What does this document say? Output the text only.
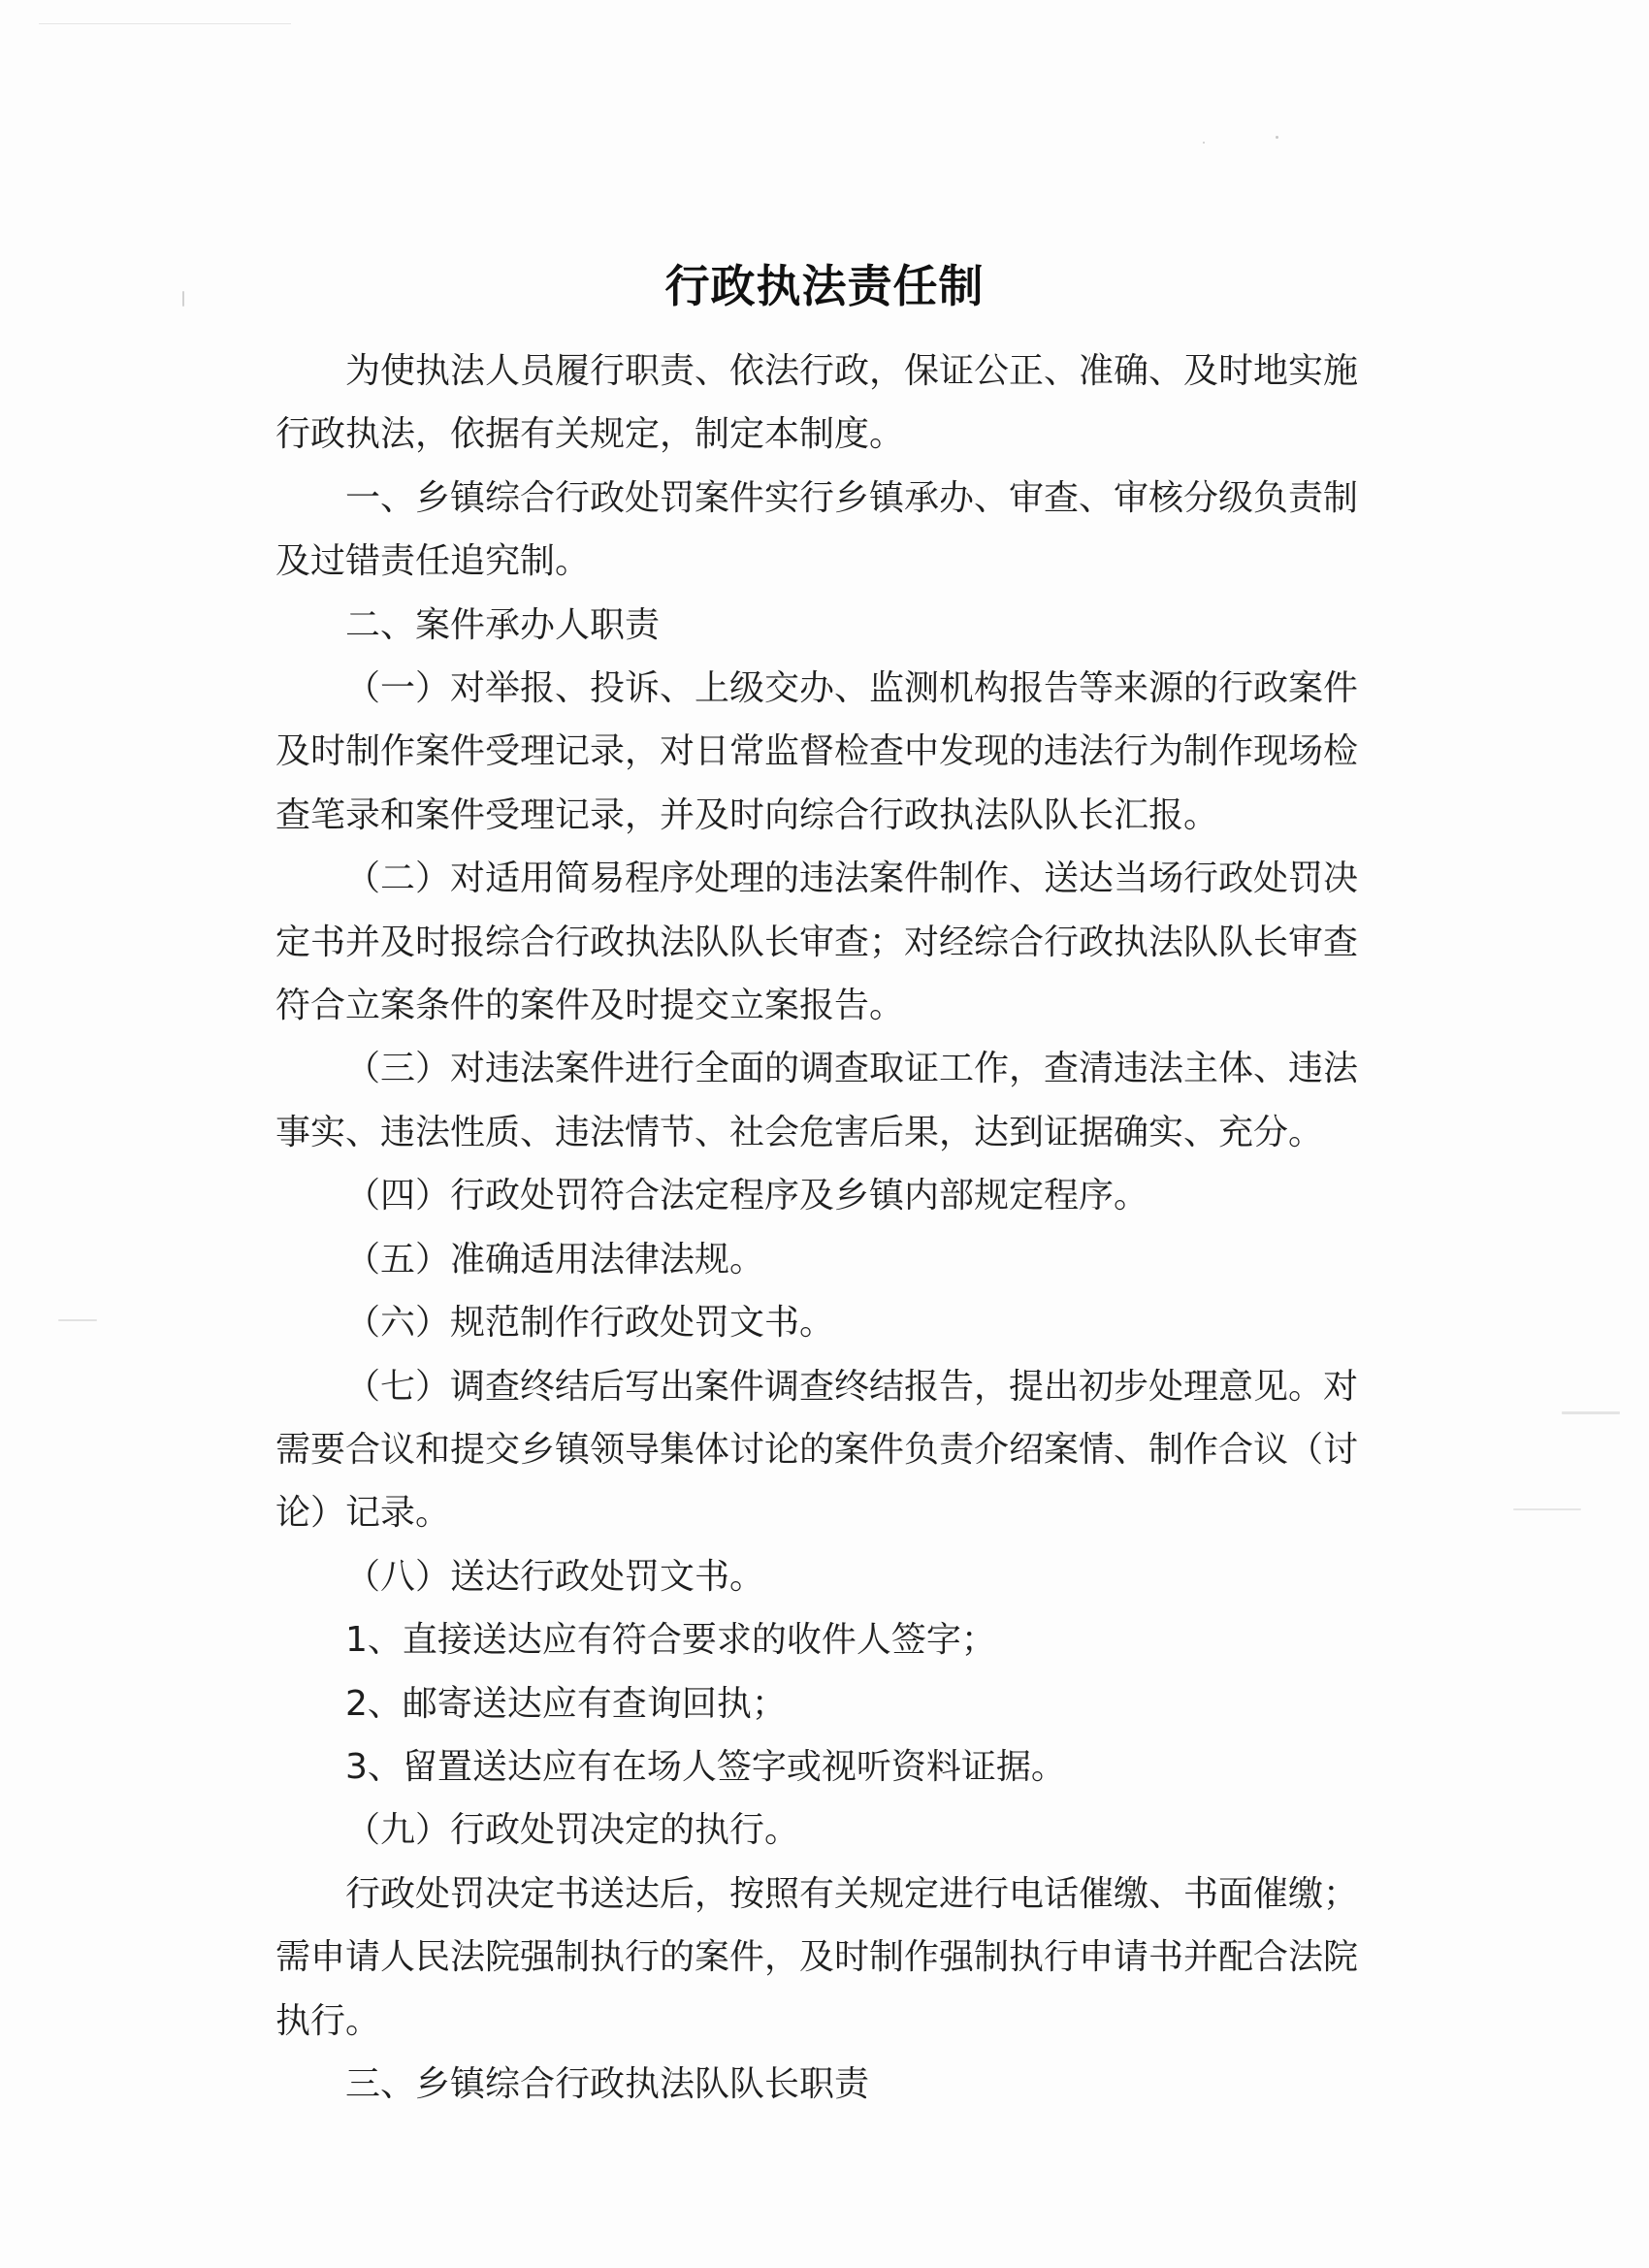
行政执法责任制

为使执法人员履行职责、依法行政，保证公正、准确、及时地实施行政执法，依据有关规定，制定本制度。

一、乡镇综合行政处罚案件实行乡镇承办、审查、审核分级负责制及过错责任追究制。

二、案件承办人职责

（一）对举报、投诉、上级交办、监测机构报告等来源的行政案件及时制作案件受理记录，对日常监督检查中发现的违法行为制作现场检查笔录和案件受理记录，并及时向综合行政执法队队长汇报。

（二）对适用简易程序处理的违法案件制作、送达当场行政处罚决定书并及时报综合行政执法队队长审查；对经综合行政执法队队长审查符合立案条件的案件及时提交立案报告。

（三）对违法案件进行全面的调查取证工作，查清违法主体、违法事实、违法性质、违法情节、社会危害后果，达到证据确实、充分。

（四）行政处罚符合法定程序及乡镇内部规定程序。

（五）准确适用法律法规。

（六）规范制作行政处罚文书。

（七）调查终结后写出案件调查终结报告，提出初步处理意见。对需要合议和提交乡镇领导集体讨论的案件负责介绍案情、制作合议（讨论）记录。

（八）送达行政处罚文书。

1、直接送达应有符合要求的收件人签字；

2、邮寄送达应有查询回执；

3、留置送达应有在场人签字或视听资料证据。

（九）行政处罚决定的执行。

行政处罚决定书送达后，按照有关规定进行电话催缴、书面催缴；需申请人民法院强制执行的案件，及时制作强制执行申请书并配合法院执行。

三、乡镇综合行政执法队队长职责
